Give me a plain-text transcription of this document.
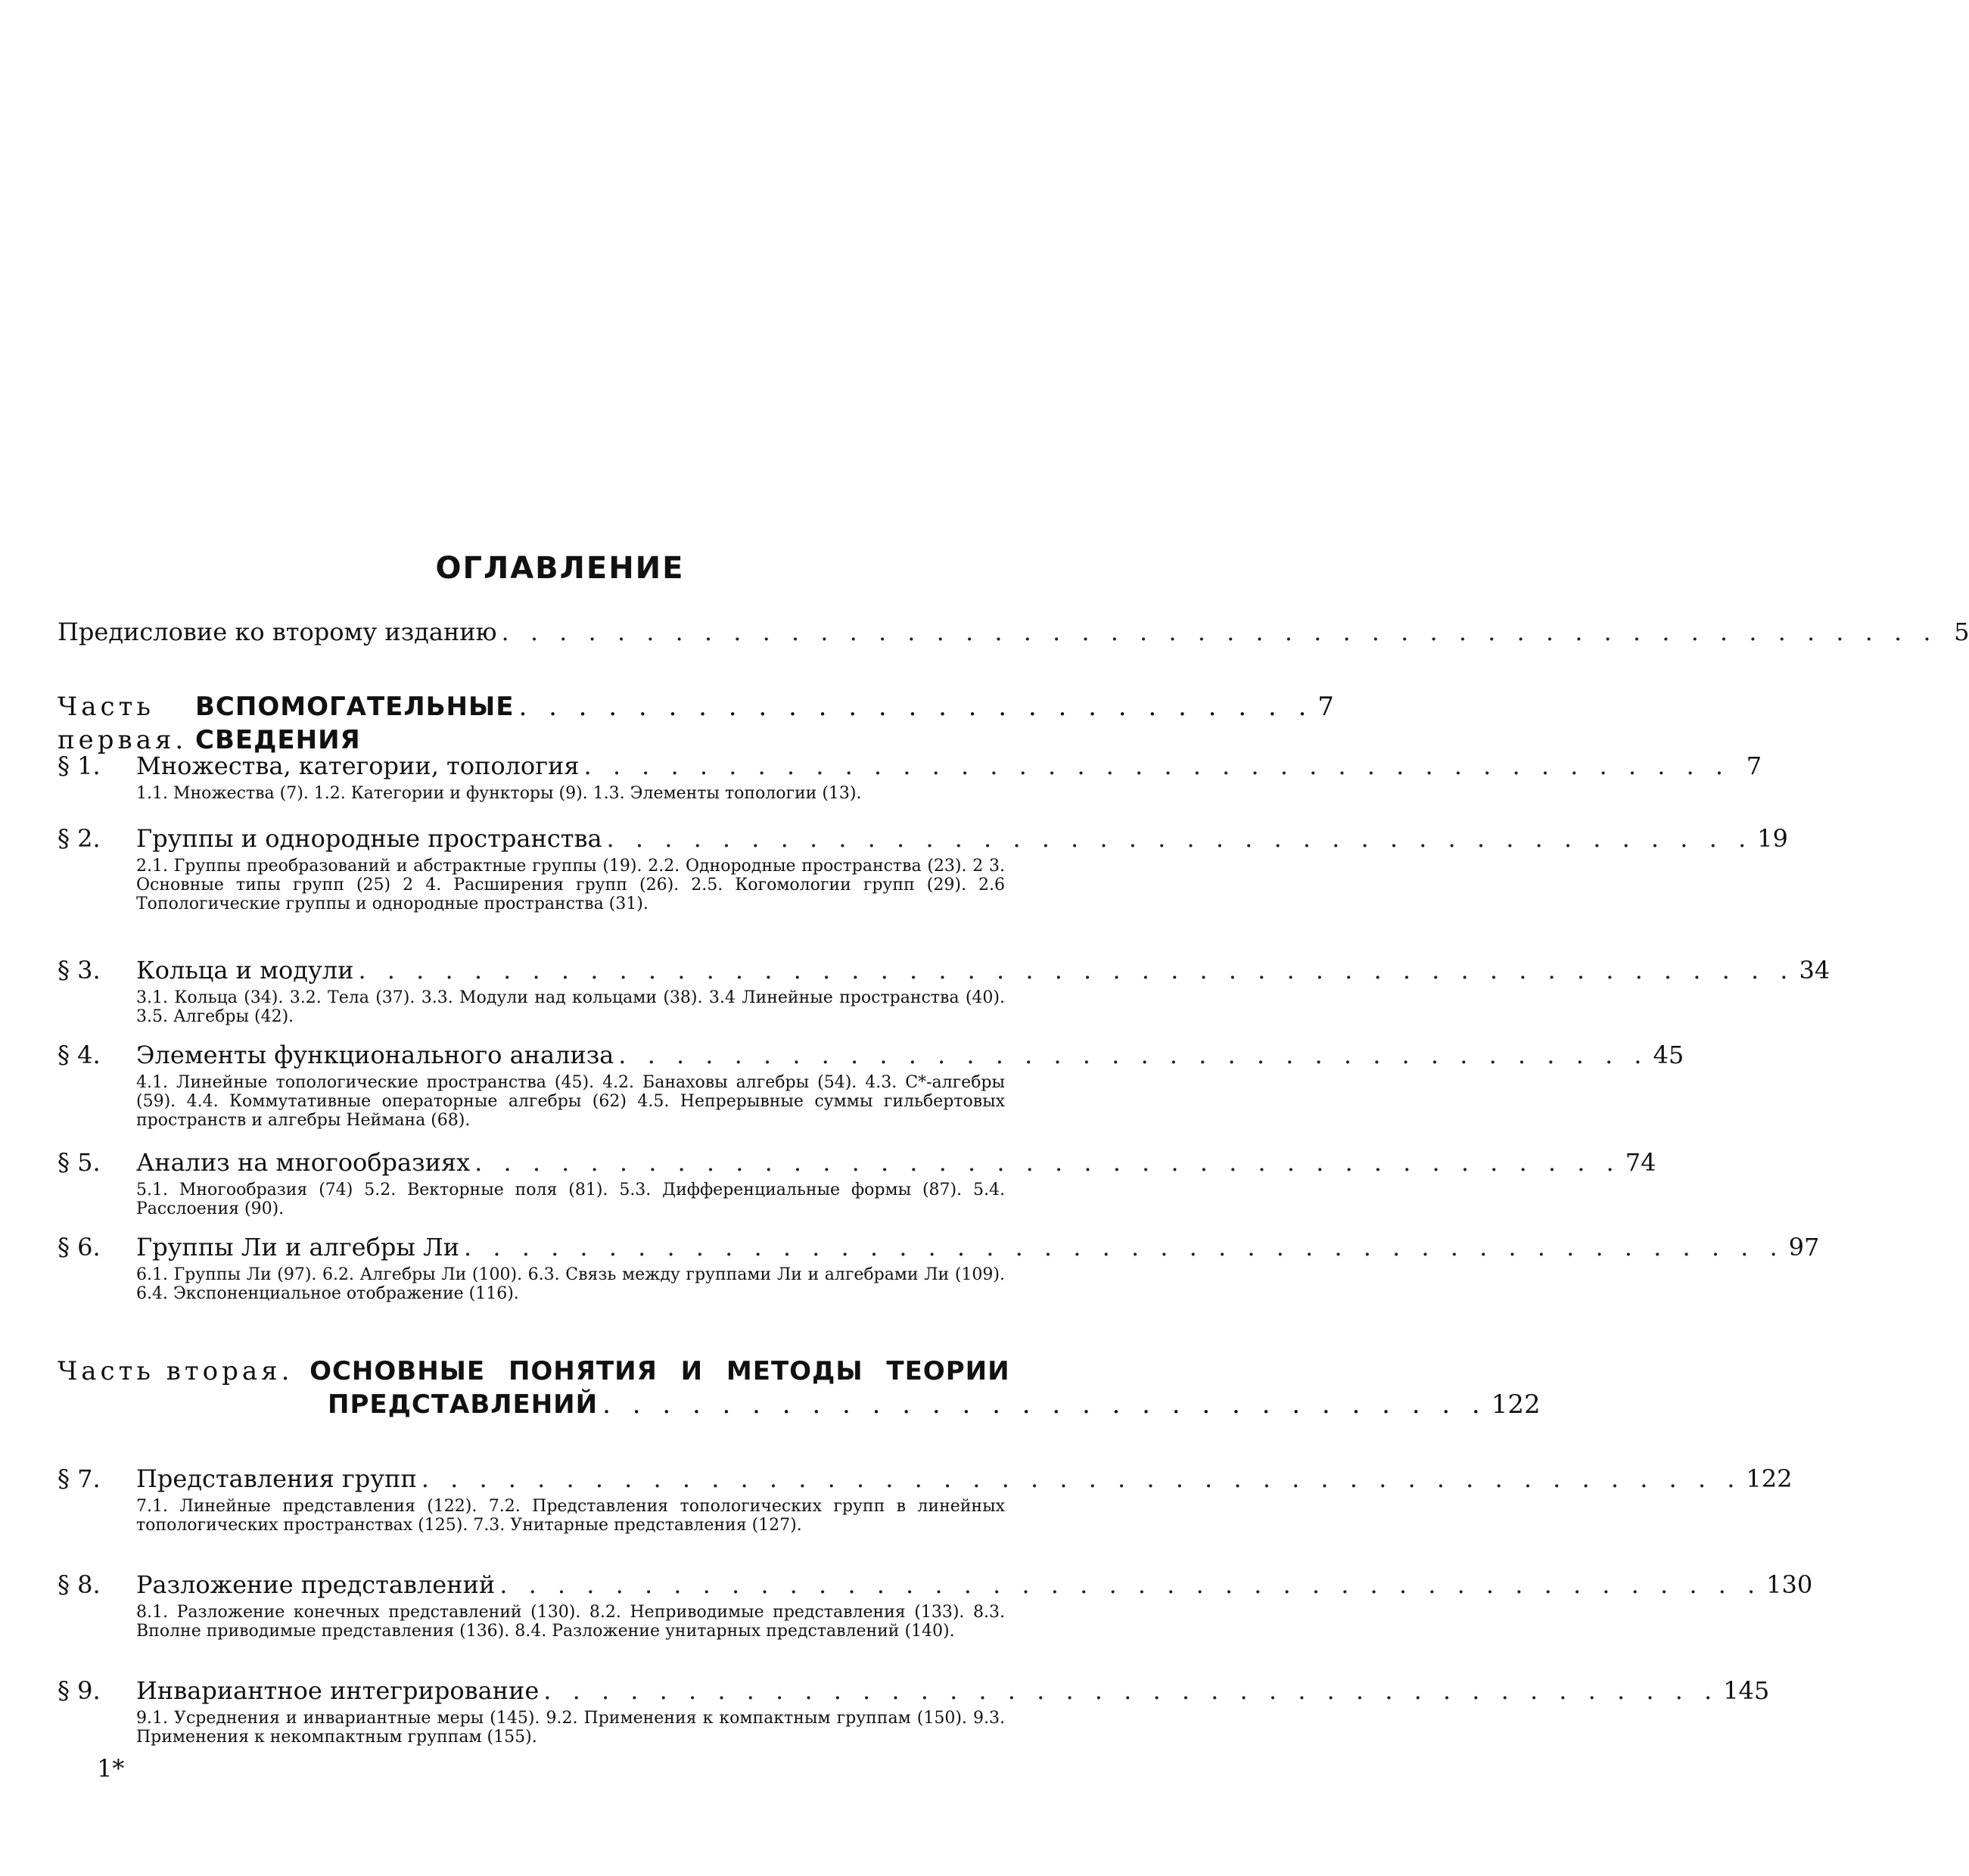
ОГЛАВЛЕНИЕ
Предисловие ко второму изданию . . . . . . . . . . . . . . . . . . . . . . . . . . . . . . . . . . . . . . . . . . . . . . . . . . 5
Часть первая.

ВСПОМОГАТЕЛЬНЫЕ СВЕДЕНИЯ
. . . . . . . . . . . . . . . . . . . . . . . . . . . 7
§ 1.	Множества, категории, топология . . . . . . . . . . . . . . . . . . . . . . . . . . . . . . . . . . . . . . . . 7
1.1. Множества (7). 1.2. Категории и функторы (9). 1.3. Элементы топологии (13).
§ 2.	Группы и однородные пространства . . . . . . . . . . . . . . . . . . . . . . . . . . . . . . . . . . . . . . . . 19
2.1. Группы преобразований и абстрактные группы (19). 2.2. Однородные пространства (23). 2 3. Основные типы групп (25) 2 4. Расширения групп (26). 2.5. Когомологии групп (29). 2.6 Топологические группы и однородные пространства (31).
§ 3.	Кольца и модули . . . . . . . . . . . . . . . . . . . . . . . . . . . . . . . . . . . . . . . . . . . . . . . . . . 34
3.1. Кольца (34). 3.2. Тела (37). 3.3. Модули над кольцами (38). 3.4 Линейные пространства (40). 3.5. Алгебры (42).
§ 4.	Элементы функционального анализа . . . . . . . . . . . . . . . . . . . . . . . . . . . . . . . . . . . . 45
4.1. Линейные топологические пространства (45). 4.2. Банаховы алгебры (54). 4.3. C*-алгебры (59). 4.4. Коммутативные операторные алгебры (62) 4.5. Непрерывные суммы гильбертовых пространств и алгебры Неймана (68).
§ 5.	Анализ на многообразиях . . . . . . . . . . . . . . . . . . . . . . . . . . . . . . . . . . . . . . . . 74
5.1. Многообразия (74) 5.2. Векторные поля (81). 5.3. Дифференциальные формы (87). 5.4. Расслоения (90).
§ 6.	Группы Ли и алгебры Ли . . . . . . . . . . . . . . . . . . . . . . . . . . . . . . . . . . . . . . . . . . . . . . 97
6.1. Группы Ли (97). 6.2. Алгебры Ли (100). 6.3. Связь между группами Ли и алгебрами Ли (109). 6.4. Экспоненциальное отображение (116).
Часть вторая.
ОСНОВНЫЕ ПОНЯТИЯ И МЕТОДЫ ТЕОРИИ
ПРЕДСТАВЛЕНИЙ . . . . . . . . . . . . . . . . . . . . . . . . . . . . . . 122
§ 7.	Представления групп . . . . . . . . . . . . . . . . . . . . . . . . . . . . . . . . . . . . . . . . . . . . . . 122
7.1. Линейные представления (122). 7.2. Представления топологических групп в линейных топологических пространствах (125). 7.3. Унитарные представления (127).
§ 8.	Разложение представлений . . . . . . . . . . . . . . . . . . . . . . . . . . . . . . . . . . . . . . . . . . . . 130
8.1. Разложение конечных представлений (130). 8.2. Неприводимые представления (133). 8.3. Вполне приводимые представления (136). 8.4. Разложение унитарных представлений (140).
§ 9.	Инвариантное интегрирование . . . . . . . . . . . . . . . . . . . . . . . . . . . . . . . . . . . . . . . . . 145
9.1. Усреднения и инвариантные меры (145). 9.2. Применения к компактным группам (150). 9.3. Применения к некомпактным группам (155).
1*
